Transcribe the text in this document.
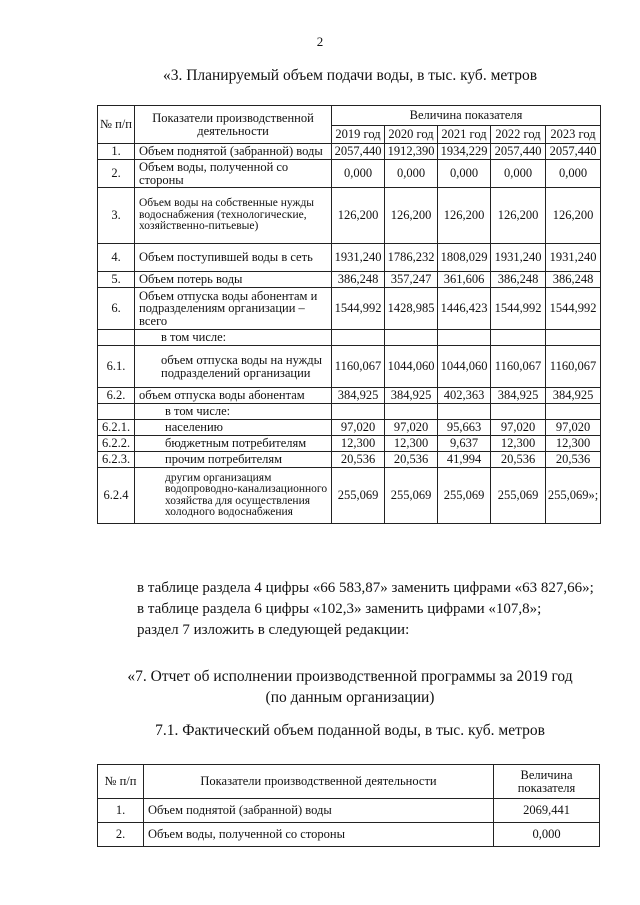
2
«3. Планируемый объем подачи воды, в тыс. куб. метров
№ п/п	Показатели производственной деятельности	Величина показателя				
		2019 год	2020 год	2021 год	2022 год	2023 год
1.	Объем поднятой (забранной) воды	2057,440	1912,390	1934,229	2057,440	2057,440
2.	Объем воды, полученной со стороны	0,000	0,000	0,000	0,000	0,000
3.	Объем воды на собственные нужды водоснабжения (технологические, хозяйственно-питьевые)	126,200	126,200	126,200	126,200	126,200
4.	Объем поступившей воды в сеть	1931,240	1786,232	1808,029	1931,240	1931,240
5.	Объем потерь воды	386,248	357,247	361,606	386,248	386,248
6.	Объем отпуска воды абонентам и подразделениям организации – всего	1544,992	1428,985	1446,423	1544,992	1544,992
	в том числе:					
6.1.	объем отпуска воды на нужды подразделений организации	1160,067	1044,060	1044,060	1160,067	1160,067
6.2.	объем отпуска воды абонентам	384,925	384,925	402,363	384,925	384,925
	в том числе:					
6.2.1.	населению	97,020	97,020	95,663	97,020	97,020
6.2.2.	бюджетным потребителям	12,300	12,300	9,637	12,300	12,300
6.2.3.	прочим потребителям	20,536	20,536	41,994	20,536	20,536
6.2.4	другим организациям водопроводно-канализационного хозяйства для осуществления холодного водоснабжения	255,069	255,069	255,069	255,069	255,069»;
в таблице раздела 4 цифры «66 583,87» заменить цифрами «63 827,66»;
в таблице раздела 6 цифры «102,3» заменить цифрами «107,8»;
раздел 7 изложить в следующей редакции:
«7. Отчет об исполнении производственной программы за 2019 год
(по данным организации)
7.1. Фактический объем поданной воды, в тыс. куб. метров
№ п/п	Показатели производственной деятельности	Величина показателя
1.	Объем поднятой (забранной) воды	2069,441
2.	Объем воды, полученной со стороны	0,000
